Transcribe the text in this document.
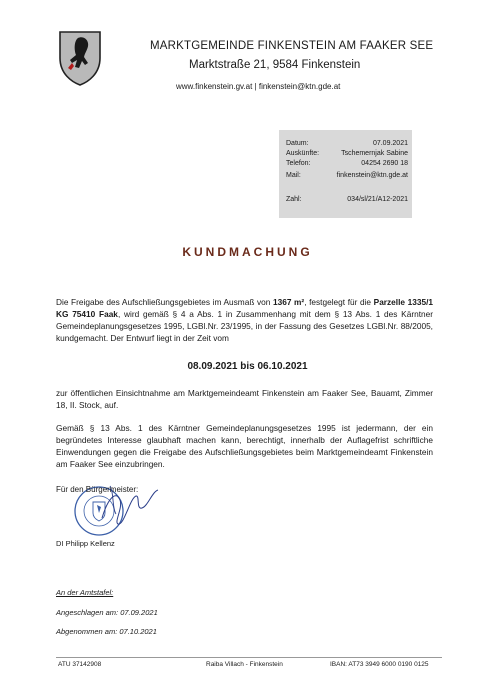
MARKTGEMEINDE FINKENSTEIN AM FAAKER SEE
Marktstraße 21, 9584 Finkenstein
www.finkenstein.gv.at | finkenstein@ktn.gde.at
Datum:	07.09.2021
Auskünfte:	Tschemernjak Sabine
Telefon:	04254 2690 18
Mail:	finkenstein@ktn.gde.at
Zahl:	034/sl/21/A12-2021
KUNDMACHUNG
Die Freigabe des Aufschließungsgebietes im Ausmaß von 1367 m², festgelegt für die Parzelle 1335/1 KG 75410 Faak, wird gemäß § 4 a Abs. 1 in Zusammenhang mit dem § 13 Abs. 1 des Kärntner Gemeindeplanungsgesetzes 1995, LGBl.Nr. 23/1995, in der Fassung des Gesetzes LGBl.Nr. 88/2005, kundgemacht. Der Entwurf liegt in der Zeit vom
08.09.2021 bis 06.10.2021
zur öffentlichen Einsichtnahme am Marktgemeindeamt Finkenstein am Faaker See, Bauamt, Zimmer 18, II. Stock, auf.
Gemäß § 13 Abs. 1 des Kärntner Gemeindeplanungsgesetzes 1995 ist jedermann, der ein begründetes Interesse glaubhaft machen kann, berechtigt, innerhalb der Auflagefrist schriftliche Einwendungen gegen die Freigabe des Aufschließungsgebietes beim Marktgemeindeamt Finkenstein am Faaker See einzubringen.
Für den Bürgermeister:
DI Philipp Kellenz
An der Amtstafel:
Angeschlagen am: 07.09.2021
Abgenommen am: 07.10.2021
ATU 37142908	Raiba Villach - Finkenstein	IBAN: AT73 3949 6000 0190 0125
